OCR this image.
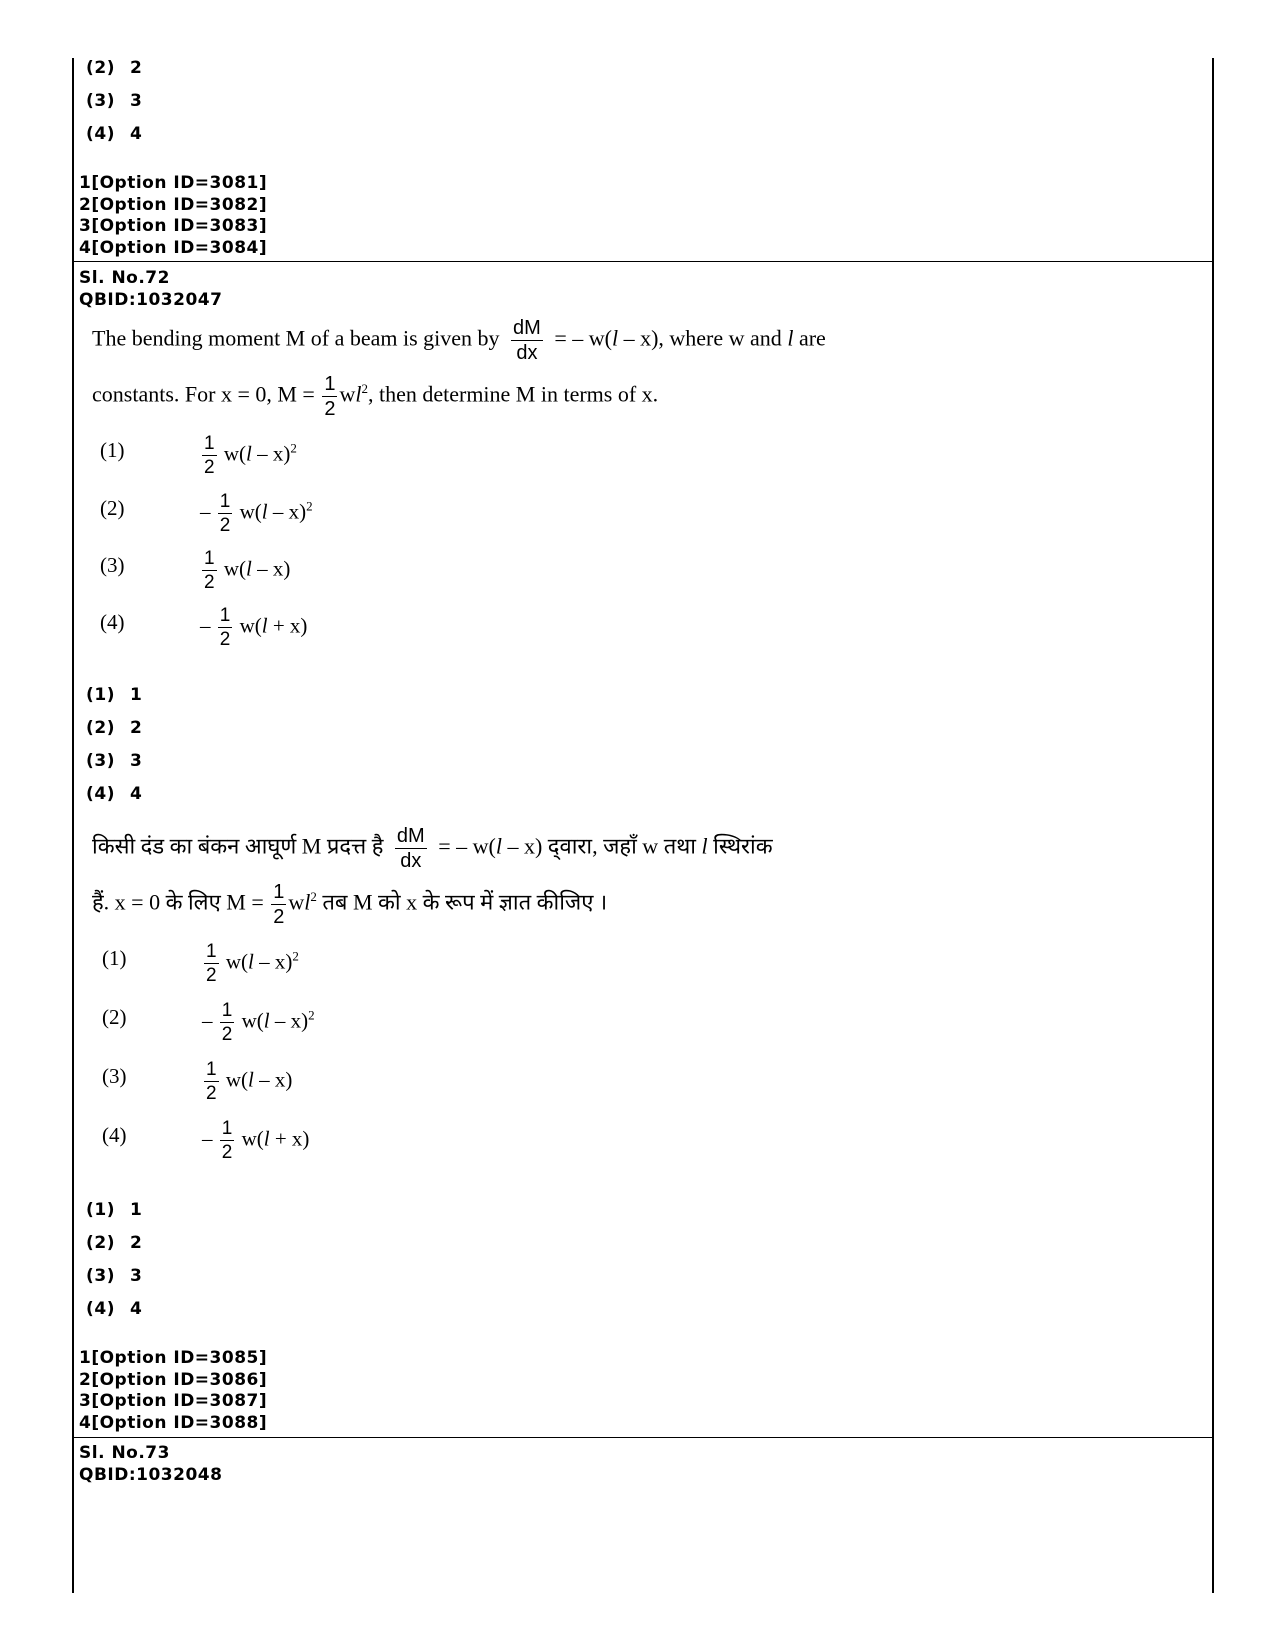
(2) 2
(3) 3
(4) 4
1[Option ID=3081]
2[Option ID=3082]
3[Option ID=3083]
4[Option ID=3084]
Sl. No.72
QBID:1032047
The bending moment M of a beam is given by $\frac{dM}{dx}$ = – w(l – x), where w and l are
constants. For x = 0, $M = \frac{1}{2} wl^2$, then determine M in terms of x.
(1)	$\frac{1}{2} w(l - x)^2$
(2)	– $\frac{1}{2} w(l - x)^2$
(3)	$\frac{1}{2} w(l - x)$
(4)	– $\frac{1}{2} w(l + x)$
(1) 1
(2) 2
(3) 3
(4) 4
किसी दंड का बंकन आघूर्ण M प्रदत्त है $\frac{dM}{dx}$ = – w(l – x) द्‌वारा, जहाँ w तथा l स्थिरांक
हैं. x = 0 के लिए $M = \frac{1}{2} wl^2$ तब M को x के रूप में ज्ञात कीजिए ।
(1)	$\frac{1}{2} w(l - x)^2$
(2)	– $\frac{1}{2} w(l - x)^2$
(3)	$\frac{1}{2} w(l - x)$
(4)	– $\frac{1}{2} w(l + x)$
(1) 1
(2) 2
(3) 3
(4) 4
1[Option ID=3085]
2[Option ID=3086]
3[Option ID=3087]
4[Option ID=3088]
Sl. No.73
QBID:1032048
